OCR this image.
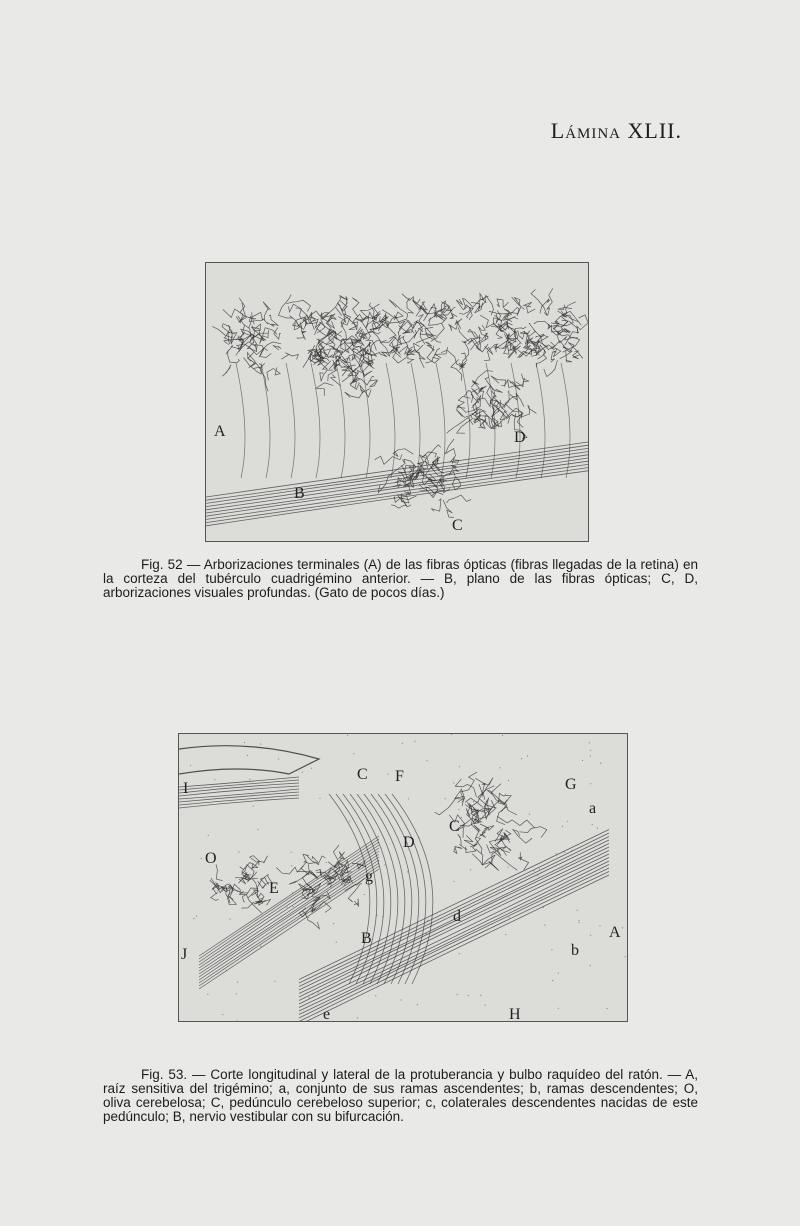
Lámina XLII.
A
B
C
D
Fig. 52 — Arborizaciones terminales (A) de las fibras ópticas (fibras llegadas de la retina) en la corteza del tubérculo cuadrigémino anterior. — B, plano de las fibras ópticas; C, D, arborizaciones visuales profundas. (Gato de pocos días.)
I
C F	G
a
C
D
O
E
g
d
B	A
b
J
e	H
Fig. 53. — Corte longitudinal y lateral de la protuberancia y bulbo raquídeo del ratón. — A, raíz sensitiva del trigémino; a, conjunto de sus ramas ascendentes; b, ramas descendentes; O, oliva cerebelosa; C, pedúnculo cerebeloso superior; c, colaterales descendentes nacidas de este pedúnculo; B, nervio vestibular con su bifurcación.
